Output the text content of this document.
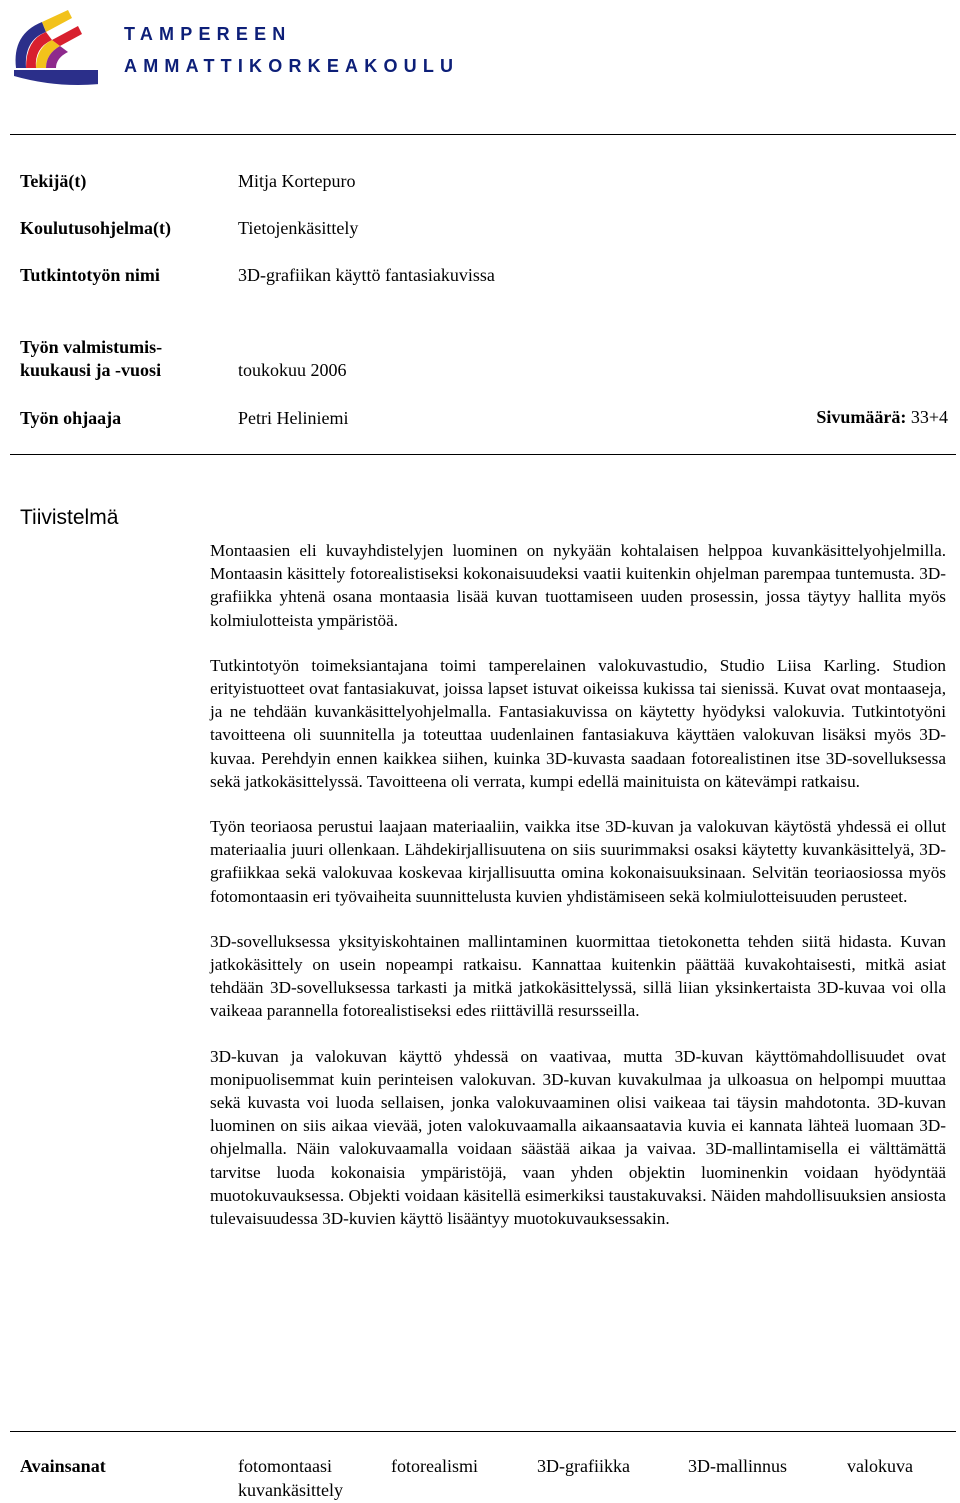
TAMPEREEN
AMMATTIKORKEAKOULU
Tekijä(t)	Mitja Kortepuro
Koulutusohjelma(t)	Tietojenkäsittely
Tutkintotyön nimi	3D-grafiikan käyttö fantasiakuvissa
Työn valmistumis-
kuukausi ja -vuosi	toukokuu 2006
Työn ohjaaja	Petri Heliniemi	Sivumäärä: 33+4
Tiivistelmä

Montaasien eli kuvayhdistelyjen luominen on nykyään kohtalaisen helppoa kuvankäsittelyohjelmilla. Montaasin käsittely fotorealistiseksi kokonaisuudeksi vaatii kuitenkin ohjelman parempaa tuntemusta. 3D-grafiikka yhtenä osana montaasia lisää kuvan tuottamiseen uuden prosessin, jossa täytyy hallita myös kolmiulotteista ympäristöä.

Tutkintotyön toimeksiantajana toimi tamperelainen valokuvastudio, Studio Liisa Karling. Studion erityistuotteet ovat fantasiakuvat, joissa lapset istuvat oikeissa kukissa tai sienissä. Kuvat ovat montaaseja, ja ne tehdään kuvankäsittelyohjelmalla. Fantasiakuvissa on käytetty hyödyksi valokuvia. Tutkintotyöni tavoitteena oli suunnitella ja toteuttaa uudenlainen fantasiakuva käyttäen valokuvan lisäksi myös 3D-kuvaa. Perehdyin ennen kaikkea siihen, kuinka 3D-kuvasta saadaan fotorealistinen itse 3D-sovelluksessa sekä jatkokäsittelyssä. Tavoitteena oli verrata, kumpi edellä mainituista on kätevämpi ratkaisu.

Työn teoriaosa perustui laajaan materiaaliin, vaikka itse 3D-kuvan ja valokuvan käytöstä yhdessä ei ollut materiaalia juuri ollenkaan. Lähdekirjallisuutena on siis suurimmaksi osaksi käytetty kuvankäsittelyä, 3D-grafiikkaa sekä valokuvaa koskevaa kirjallisuutta omina kokonaisuuksinaan. Selvitän teoriaosiossa myös fotomontaasin eri työvaiheita suunnittelusta kuvien yhdistämiseen sekä kolmiulotteisuuden perusteet.

3D-sovelluksessa yksityiskohtainen mallintaminen kuormittaa tietokonetta tehden siitä hidasta. Kuvan jatkokäsittely on usein nopeampi ratkaisu. Kannattaa kuitenkin päättää kuvakohtaisesti, mitkä asiat tehdään 3D-sovelluksessa tarkasti ja mitkä jatkokäsittelyssä, sillä liian yksinkertaista 3D-kuvaa voi olla vaikeaa parannella fotorealistiseksi edes riittävillä resursseilla.

3D-kuvan ja valokuvan käyttö yhdessä on vaativaa, mutta 3D-kuvan käyttömahdollisuudet ovat monipuolisemmat kuin perinteisen valokuvan. 3D-kuvan kuvakulmaa ja ulkoasua on helpompi muuttaa sekä kuvasta voi luoda sellaisen, jonka valokuvaaminen olisi vaikeaa tai täysin mahdotonta. 3D-kuvan luominen on siis aikaa vievää, joten valokuvaamalla aikaansaatavia kuvia ei kannata lähteä luomaan 3D-ohjelmalla. Näin valokuvaamalla voidaan säästää aikaa ja vaivaa. 3D-mallintamisella ei välttämättä tarvitse luoda kokonaisia ympäristöjä, vaan yhden objektin luominenkin voidaan hyödyntää muotokuvauksessa. Objekti voidaan käsitellä esimerkiksi taustakuvaksi. Näiden mahdollisuuksien ansiosta tulevaisuudessa 3D-kuvien käyttö lisääntyy muotokuvauksessakin.

Avainsanat	fotomontaasi	fotorealismi	3D-grafiikka	3D-mallinnus	valokuva
kuvankäsittely
